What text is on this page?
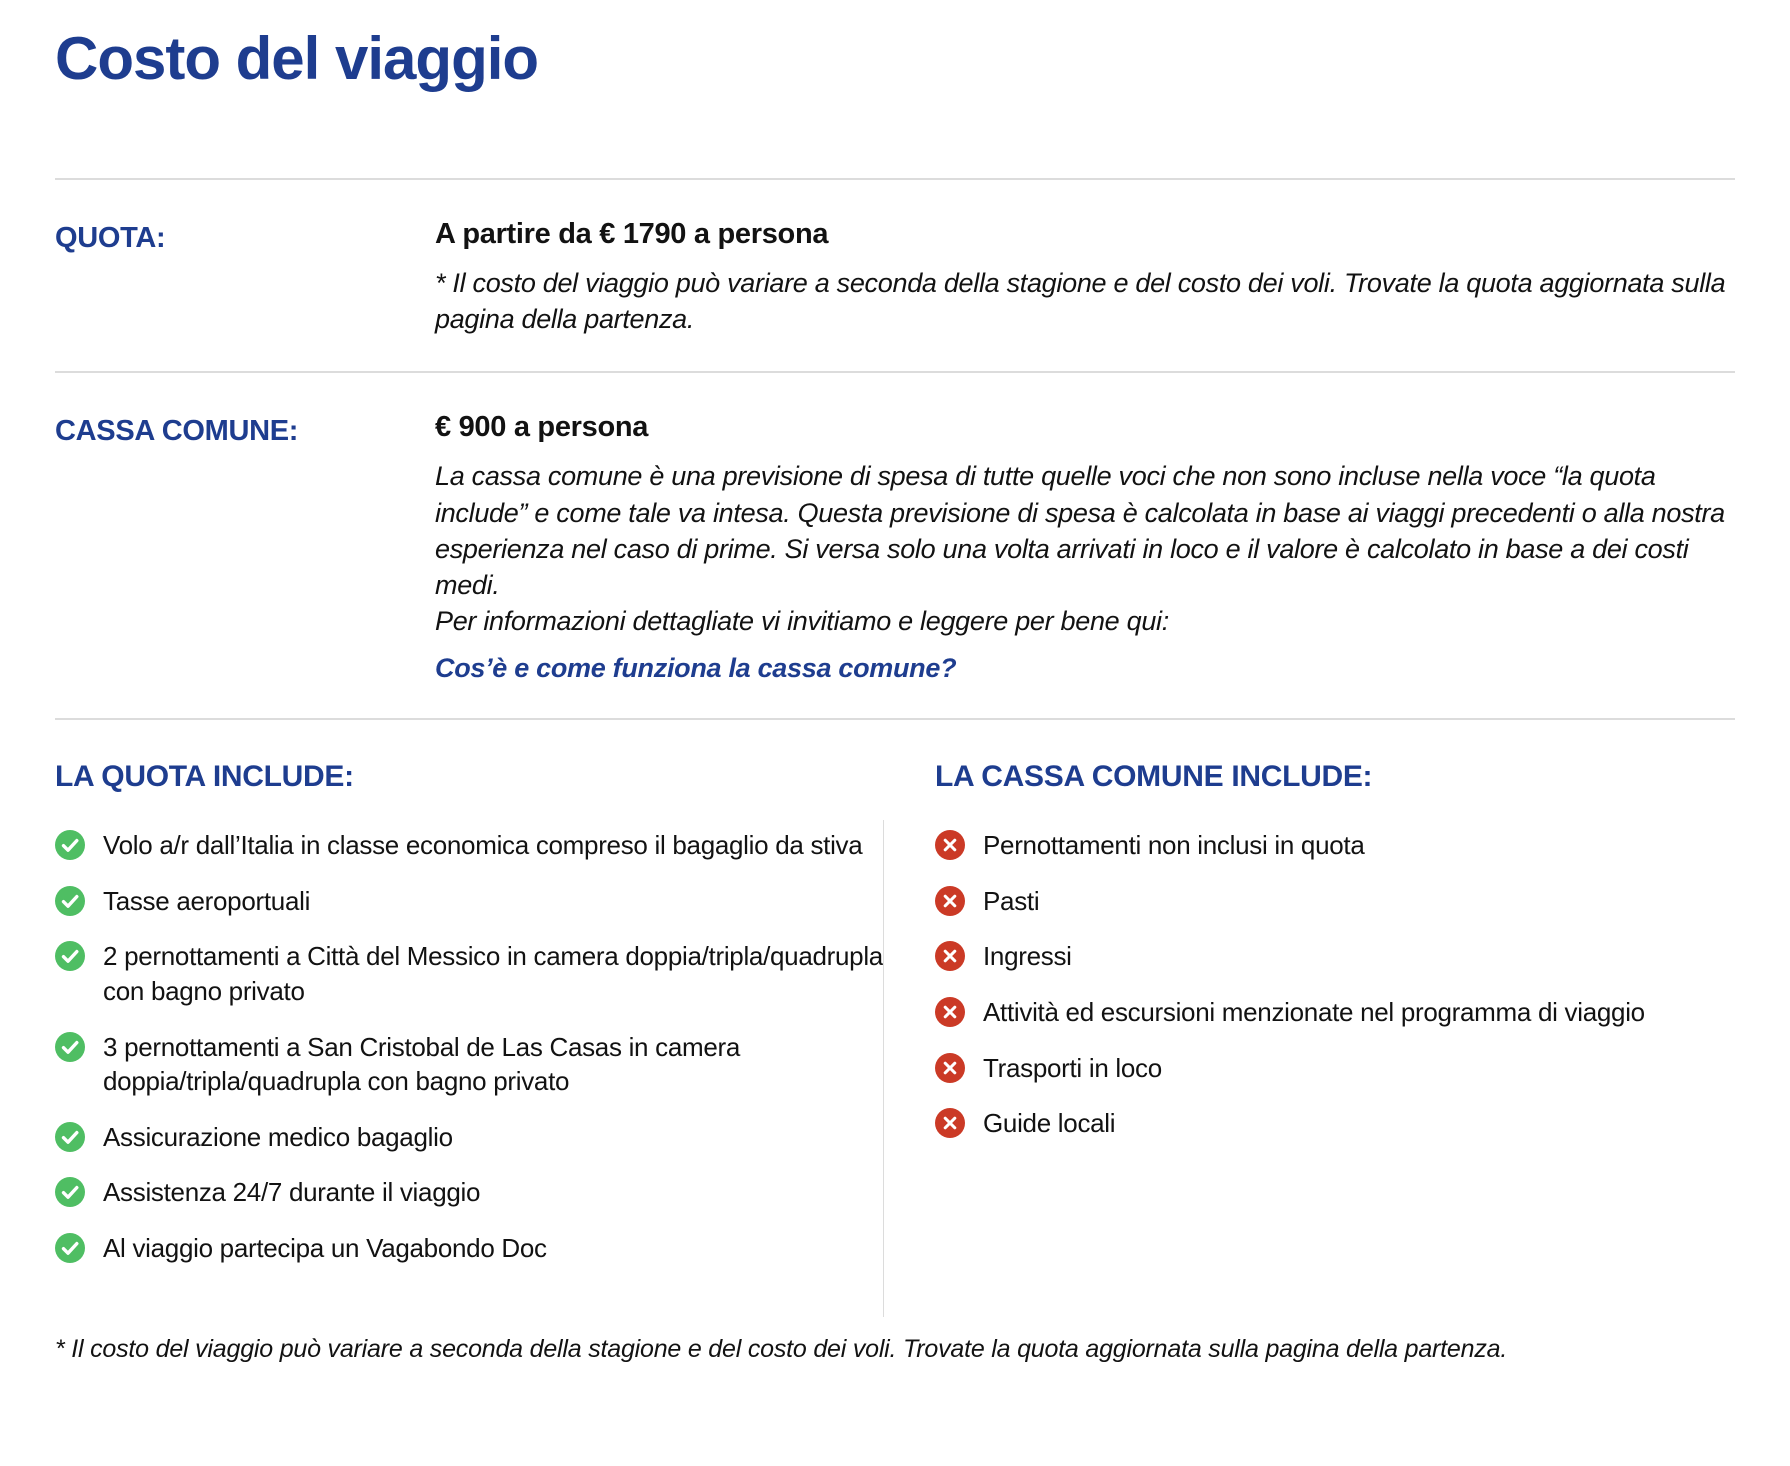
Costo del viaggio
QUOTA:	A partire da € 1790 a persona
* Il costo del viaggio può variare a seconda della stagione e del costo dei voli. Trovate la quota aggiornata sulla pagina della partenza.
CASSA COMUNE:	€ 900 a persona
La cassa comune è una previsione di spesa di tutte quelle voci che non sono incluse nella voce “la quota include” e come tale va intesa. Questa previsione di spesa è calcolata in base ai viaggi precedenti o alla nostra esperienza nel caso di prime. Si versa solo una volta arrivati in loco e il valore è calcolato in base a dei costi medi.
Per informazioni dettagliate vi invitiamo e leggere per bene qui:
Cos’è e come funziona la cassa comune?
LA QUOTA INCLUDE:
Volo a/r dall’Italia in classe economica compreso il bagaglio da stiva
Tasse aeroportuali
2 pernottamenti a Città del Messico in camera doppia/tripla/quadrupla con bagno privato
3 pernottamenti a San Cristobal de Las Casas in camera doppia/tripla/quadrupla con bagno privato
Assicurazione medico bagaglio
Assistenza 24/7 durante il viaggio
Al viaggio partecipa un Vagabondo Doc
LA CASSA COMUNE INCLUDE:
Pernottamenti non inclusi in quota
Pasti
Ingressi
Attività ed escursioni menzionate nel programma di viaggio
Trasporti in loco
Guide locali
* Il costo del viaggio può variare a seconda della stagione e del costo dei voli. Trovate la quota aggiornata sulla pagina della partenza.
